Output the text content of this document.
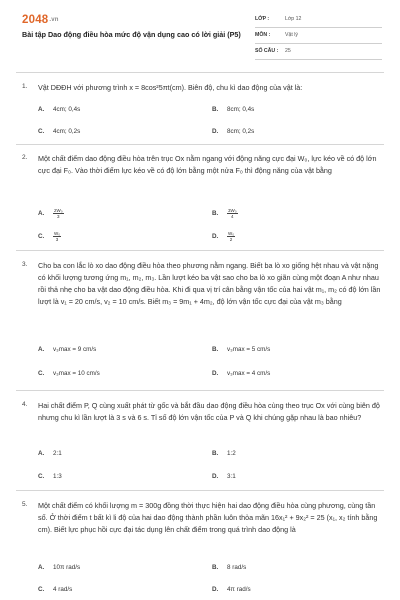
2048.vn
Bài tập Dao động điều hòa mức độ vận dụng cao có lời giải (P5)
LỚP :	Lớp 12
MÔN :	Vật lý
SỐ CÂU : 25
1. Vật DĐĐH với phương trình x = 8cos²5πt(cm). Biên độ, chu kì dao động của vật là:
A. 4cm; 0,4s	B. 8cm; 0,4s
C. 4cm; 0,2s	D. 8cm; 0,2s
2. Một chất điểm dao động điều hòa trên trục Ox nằm ngang với động năng cực đại W₀, lực kéo về có độ lớn cực đại F₀. Vào thời điểm lực kéo về có độ lớn bằng một nửa F₀ thì động năng của vật bằng
A. $\frac{\text{2W₀}}{3}$	B. $\frac{\text{3W₀}}{4}$
C. $\frac{\text{W₀}}{3}$	D. $\frac{\text{W₀}}{2}$
3. Cho ba con lắc lò xo dao động điều hòa theo phương nằm ngang. Biết ba lò xo giống hệt nhau và vật nặng có khối lượng tương ứng m₁, m₂, m₃. Lần lượt kéo ba vật sao cho ba lò xo giãn cùng một đoạn A như nhau rồi thả nhẹ cho ba vật dao động điều hòa. Khi đi qua vị trí cân bằng vận tốc của hai vật m₁, m₂ có độ lớn lần lượt là v₁ = 20 cm/s, v₂ = 10 cm/s. Biết m₃ = 9m₁ + 4m₂, độ lớn vận tốc cực đại của vật m₃ bằng
A. v₃max = 9 cm/s	B. v₃max = 5 cm/s
C. v₃max = 10 cm/s	D. v₃max = 4 cm/s
4. Hai chất điểm P, Q cùng xuất phát từ gốc và bắt đầu dao động điều hòa cùng theo trục Ox với cùng biên độ nhưng chu kì lần lượt là 3 s và 6 s. Tỉ số độ lớn vận tốc của P và Q khi chúng gặp nhau là bao nhiêu?
A. 2:1	B. 1:2
C. 1:3	D. 3:1
5. Một chất điểm có khối lượng m = 300g đồng thời thực hiện hai dao động điều hòa cùng phương, cùng tần số. Ở thời điểm t bất kì li độ của hai dao động thành phần luôn thỏa mãn 16x₁² + 9x₂² = 25 (x₁, x₂ tính bằng cm). Biết lực phục hồi cực đại tác dụng lên chất điểm trong quá trình dao động là
A. 10π rad/s	B. 8 rad/s
C. 4 rad/s	D. 4π rad/s
